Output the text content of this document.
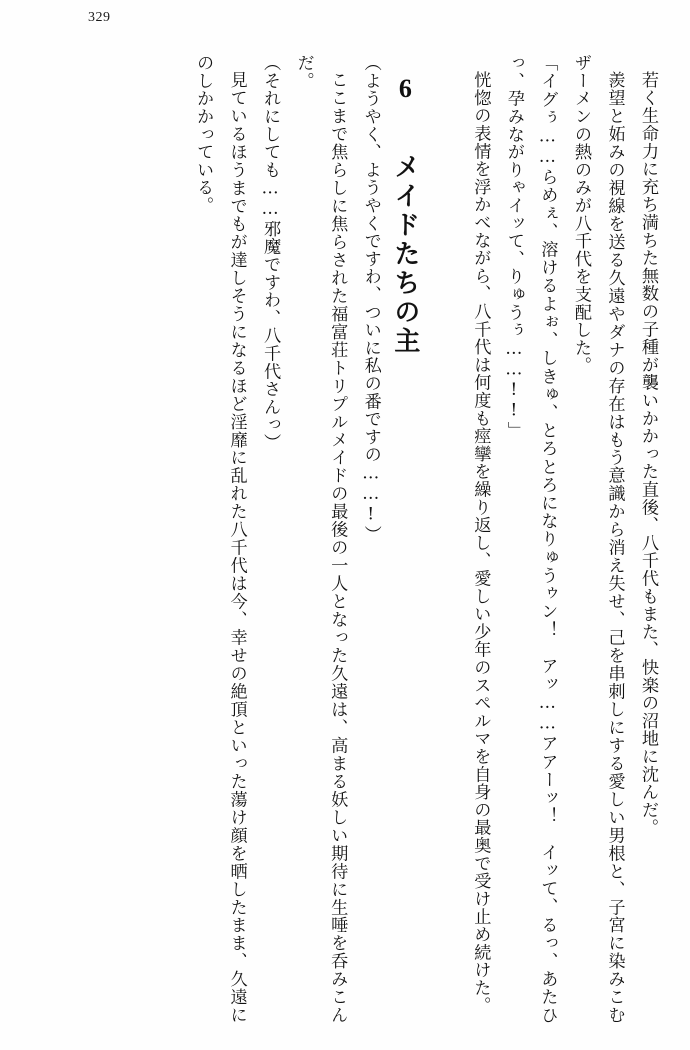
329

若く生命力に充ち満ちた無数の子種が襲いかかった直後、八千代もまた、快楽の沼地に沈んだ。

羨望と妬みの視線を送る久遠やダナの存在はもう意識から消え失せ、己を串刺しにする愛しい男根と、子宮に染みこむザーメンの熱のみが八千代を支配した。

「イグぅ……らめぇ、溶けるよぉ、しきゅ、とろとろになりゅうゥン！　アッ……アアーッ！　イッて、るっ、あたひっ、孕みながりゃイッて、りゅうぅ……!!」

恍惚の表情を浮かべながら、八千代は何度も痙攣を繰り返し、愛しい少年のスペルマを自身の最奥で受け止め続けた。

6 メイドたちの主

（ようやく、ようやくですわ、ついに私の番ですの……!）

ここまで焦らしに焦らされた福富荘トリプルメイドの最後の一人となった久遠は、高まる妖しい期待に生唾を呑みこんだ。

（それにしても……邪魔ですわ、八千代さんっ）

見ているほうまでもが達しそうになるほど淫靡に乱れた八千代は今、幸せの絶頂といった蕩け顔を晒したまま、久遠にのしかかっている。
